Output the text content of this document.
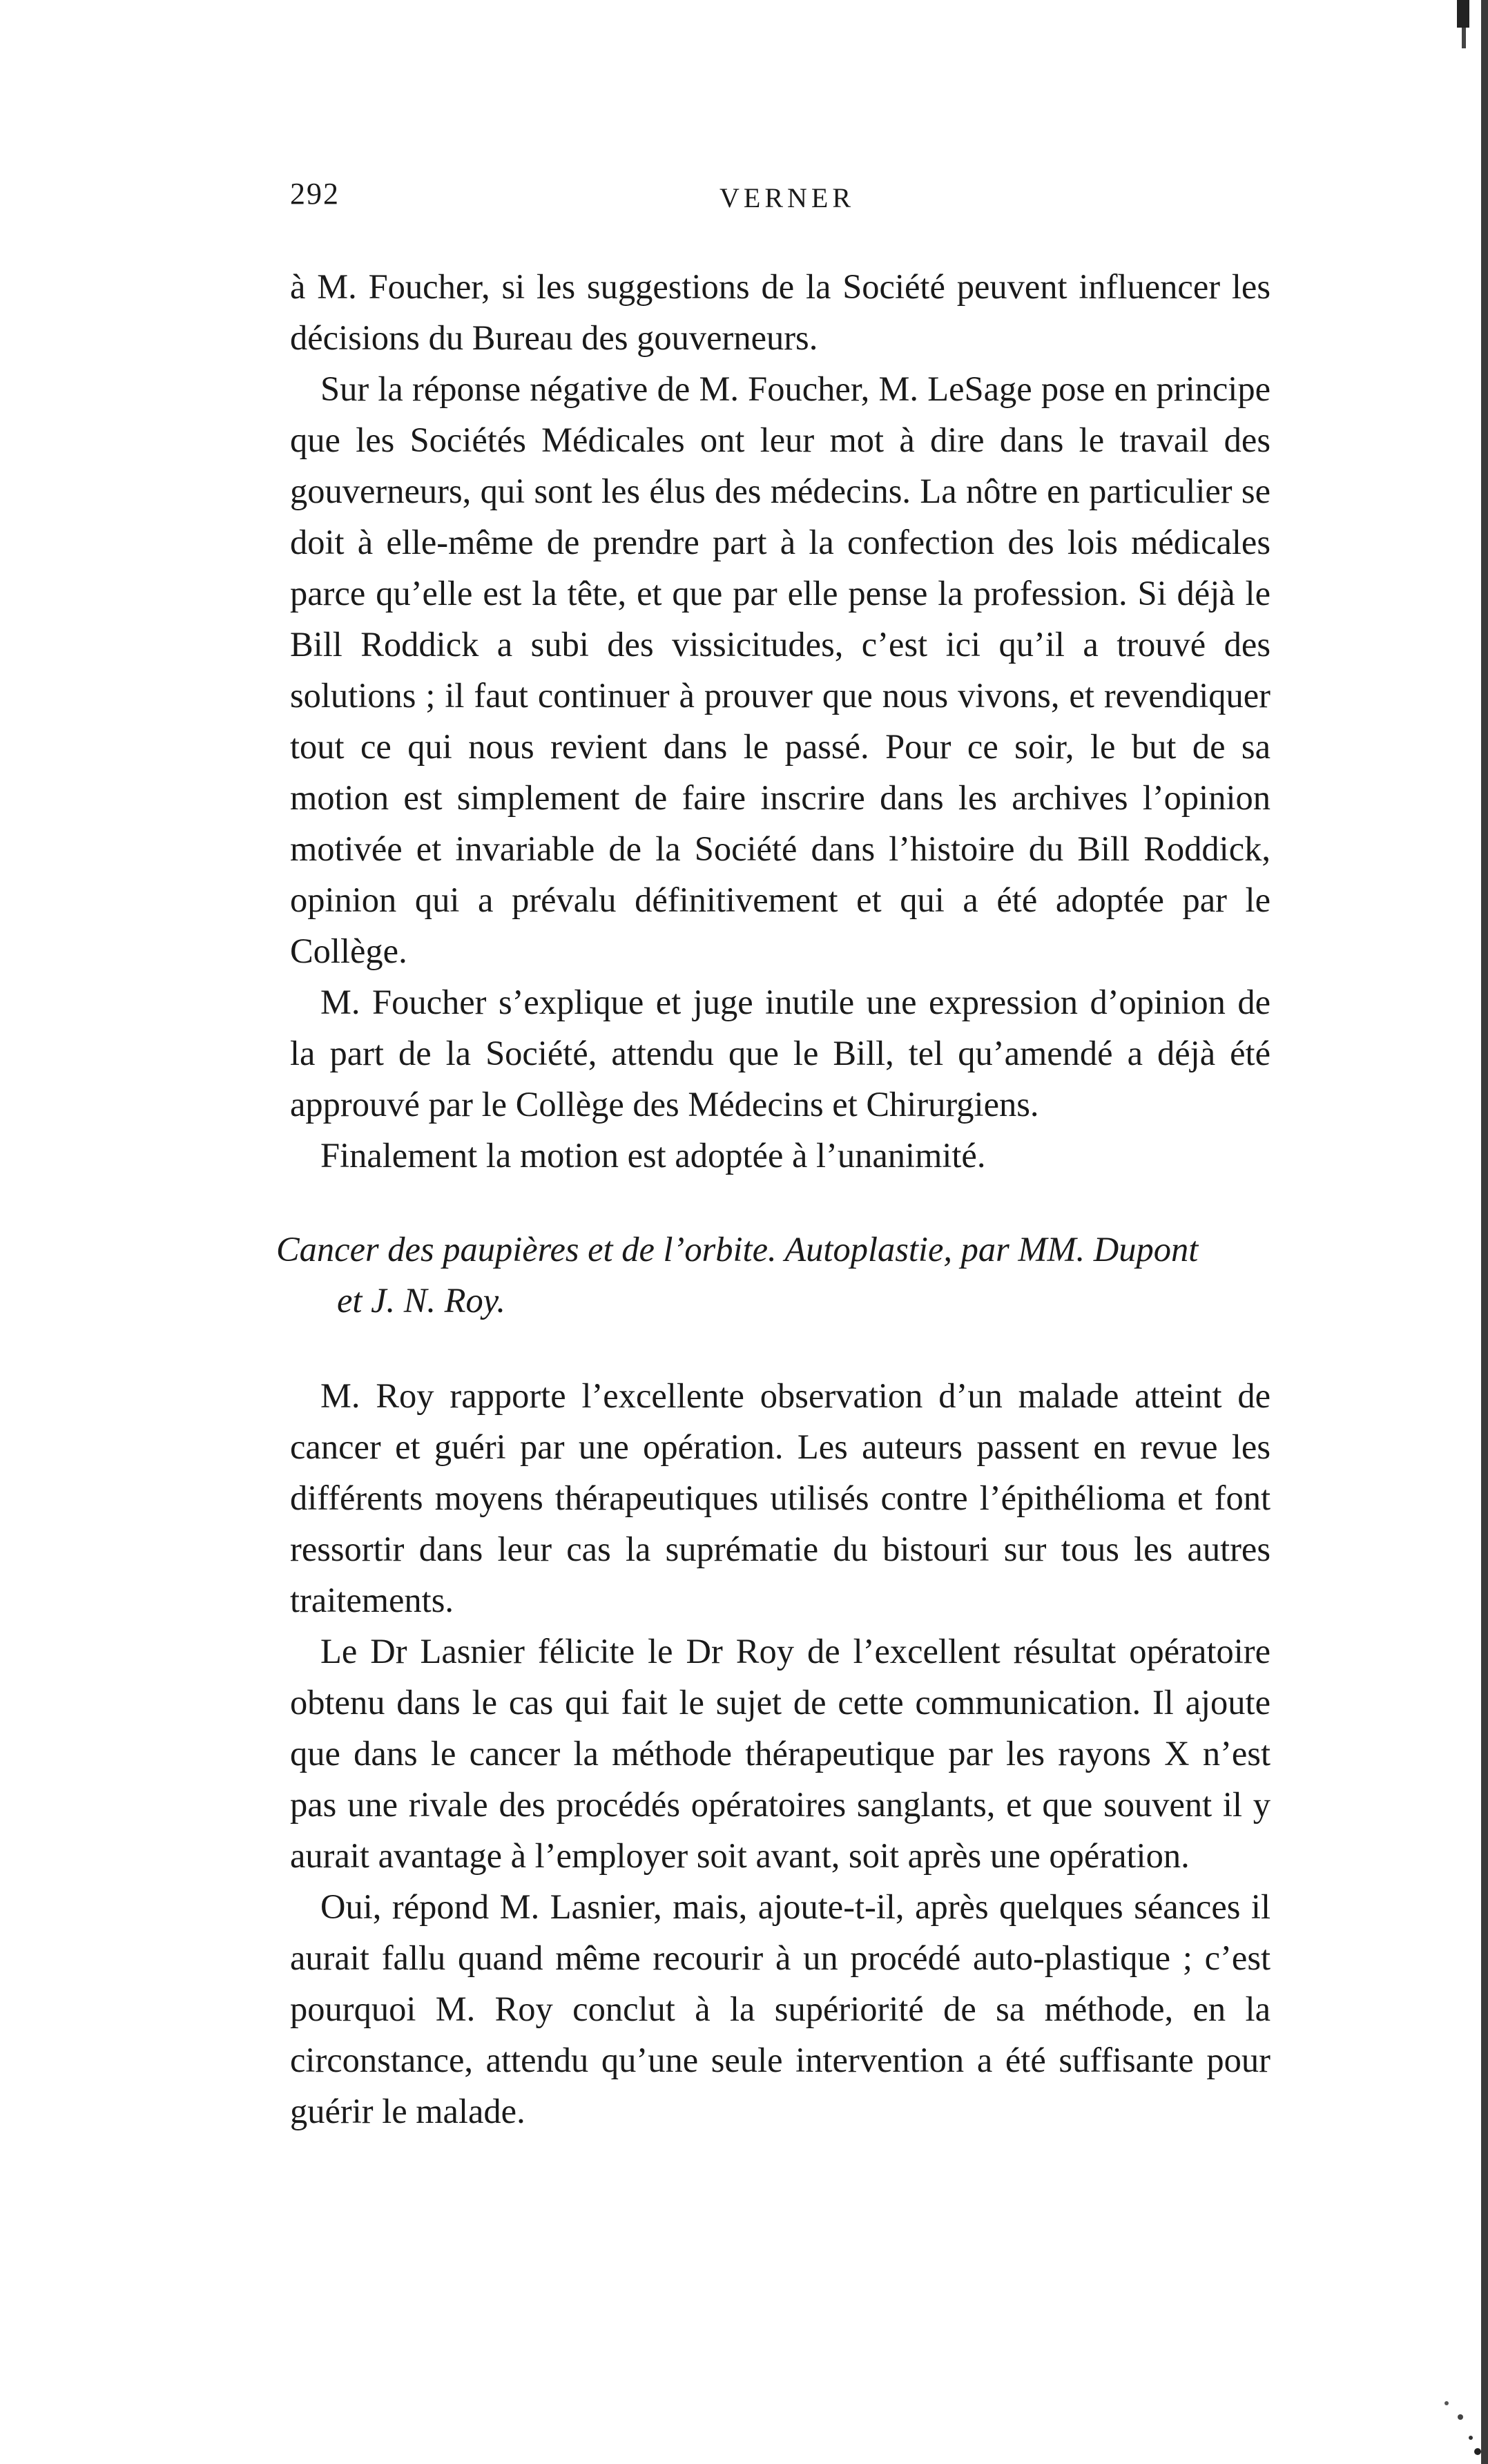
292	VERNER

à M. Foucher, si les suggestions de la Société peuvent influencer les décisions du Bureau des gouverneurs.

Sur la réponse négative de M. Foucher, M. LeSage pose en principe que les Sociétés Médicales ont leur mot à dire dans le travail des gouverneurs, qui sont les élus des médecins. La nôtre en particulier se doit à elle-même de prendre part à la confection des lois médicales parce qu’elle est la tête, et que par elle pense la profession. Si déjà le Bill Roddick a subi des vissicitudes, c’est ici qu’il a trouvé des solutions ; il faut continuer à prouver que nous vivons, et revendiquer tout ce qui nous revient dans le passé. Pour ce soir, le but de sa motion est simplement de faire inscrire dans les archives l’opinion motivée et invariable de la Société dans l’histoire du Bill Roddick, opinion qui a prévalu définitivement et qui a été adoptée par le Collège.

M. Foucher s’explique et juge inutile une expression d’opinion de la part de la Société, attendu que le Bill, tel qu’amendé a déjà été approuvé par le Collège des Médecins et Chirurgiens.

Finalement la motion est adoptée à l’unanimité.

Cancer des paupières et de l’orbite. Autoplastie, par MM. Dupont
et J. N. Roy.

M. Roy rapporte l’excellente observation d’un malade atteint de cancer et guéri par une opération. Les auteurs passent en revue les différents moyens thérapeutiques utilisés contre l’épithélioma et font ressortir dans leur cas la suprématie du bistouri sur tous les autres traitements.

Le Dr Lasnier félicite le Dr Roy de l’excellent résultat opératoire obtenu dans le cas qui fait le sujet de cette communication. Il ajoute que dans le cancer la méthode thérapeutique par les rayons X n’est pas une rivale des procédés opératoires sanglants, et que souvent il y aurait avantage à l’employer soit avant, soit après une opération.

Oui, répond M. Lasnier, mais, ajoute-t-il, après quelques séances il aurait fallu quand même recourir à un procédé auto-plastique ; c’est pourquoi M. Roy conclut à la supériorité de sa méthode, en la circonstance, attendu qu’une seule intervention a été suffisante pour guérir le malade.
